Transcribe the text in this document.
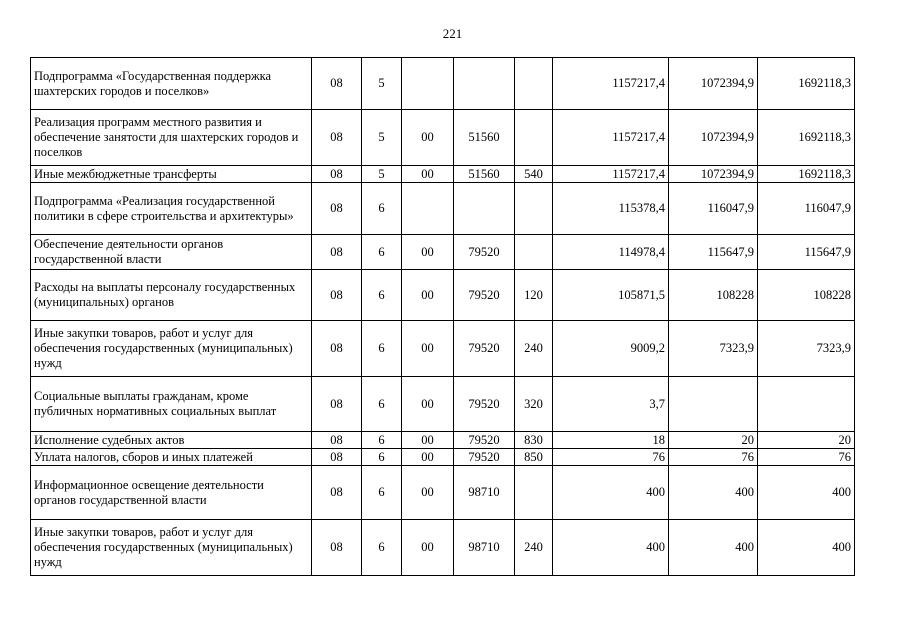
221
Подпрограмма «Государственная поддержка шахтерских городов и поселков»	08	5				1157217,4	1072394,9	1692118,3
Реализация программ местного развития и обеспечение занятости для шахтерских городов и поселков	08	5	00	51560		1157217,4	1072394,9	1692118,3
Иные межбюджетные трансферты	08	5	00	51560	540	1157217,4	1072394,9	1692118,3
Подпрограмма «Реализация государственной политики в сфере строительства и архитектуры»	08	6				115378,4	116047,9	116047,9
Обеспечение деятельности органов государственной власти	08	6	00	79520		114978,4	115647,9	115647,9
Расходы на выплаты персоналу государственных (муниципальных) органов	08	6	00	79520	120	105871,5	108228	108228
Иные закупки товаров, работ и услуг для обеспечения государственных (муниципальных) нужд	08	6	00	79520	240	9009,2	7323,9	7323,9
Социальные выплаты гражданам, кроме публичных нормативных социальных выплат	08	6	00	79520	320	3,7		
Исполнение судебных актов	08	6	00	79520	830	18	20	20
Уплата налогов, сборов и иных платежей	08	6	00	79520	850	76	76	76
Информационное освещение деятельности органов государственной власти	08	6	00	98710		400	400	400
Иные закупки товаров, работ и услуг для обеспечения государственных (муниципальных) нужд	08	6	00	98710	240	400	400	400
